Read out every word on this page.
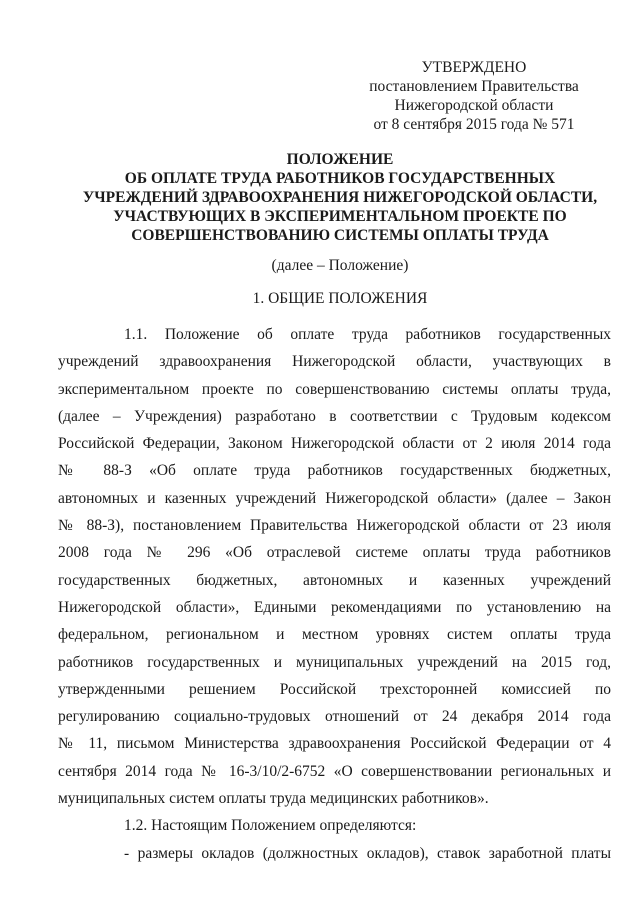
УТВЕРЖДЕНО
постановлением Правительства
Нижегородской области
от 8 сентября 2015 года № 571
ПОЛОЖЕНИЕ
ОБ ОПЛАТЕ ТРУДА РАБОТНИКОВ ГОСУДАРСТВЕННЫХ
УЧРЕЖДЕНИЙ ЗДРАВООХРАНЕНИЯ НИЖЕГОРОДСКОЙ ОБЛАСТИ,
УЧАСТВУЮЩИХ В ЭКСПЕРИМЕНТАЛЬНОМ ПРОЕКТЕ ПО
СОВЕРШЕНСТВОВАНИЮ СИСТЕМЫ ОПЛАТЫ ТРУДА
(далее – Положение)
1. ОБЩИЕ ПОЛОЖЕНИЯ
1.1. Положение об оплате труда работников государственных
учреждений здравоохранения Нижегородской области, участвующих в
экспериментальном проекте по совершенствованию системы оплаты труда,
(далее – Учреждения) разработано в соответствии с Трудовым кодексом
Российской Федерации, Законом Нижегородской области от 2 июля 2014 года
№ 88-З «Об оплате труда работников государственных бюджетных,
автономных и казенных учреждений Нижегородской области» (далее – Закон
№ 88-З), постановлением Правительства Нижегородской области от 23 июля
2008 года № 296 «Об отраслевой системе оплаты труда работников
государственных бюджетных, автономных и казенных учреждений
Нижегородской области», Едиными рекомендациями по установлению на
федеральном, региональном и местном уровнях систем оплаты труда
работников государственных и муниципальных учреждений на 2015 год,
утвержденными решением Российской трехсторонней комиссией по
регулированию социально-трудовых отношений от 24 декабря 2014 года
№ 11, письмом Министерства здравоохранения Российской Федерации от 4
сентября 2014 года № 16-3/10/2-6752 «О совершенствовании региональных и
муниципальных систем оплаты труда медицинских работников».
1.2. Настоящим Положением определяются:
- размеры окладов (должностных окладов), ставок заработной платы
